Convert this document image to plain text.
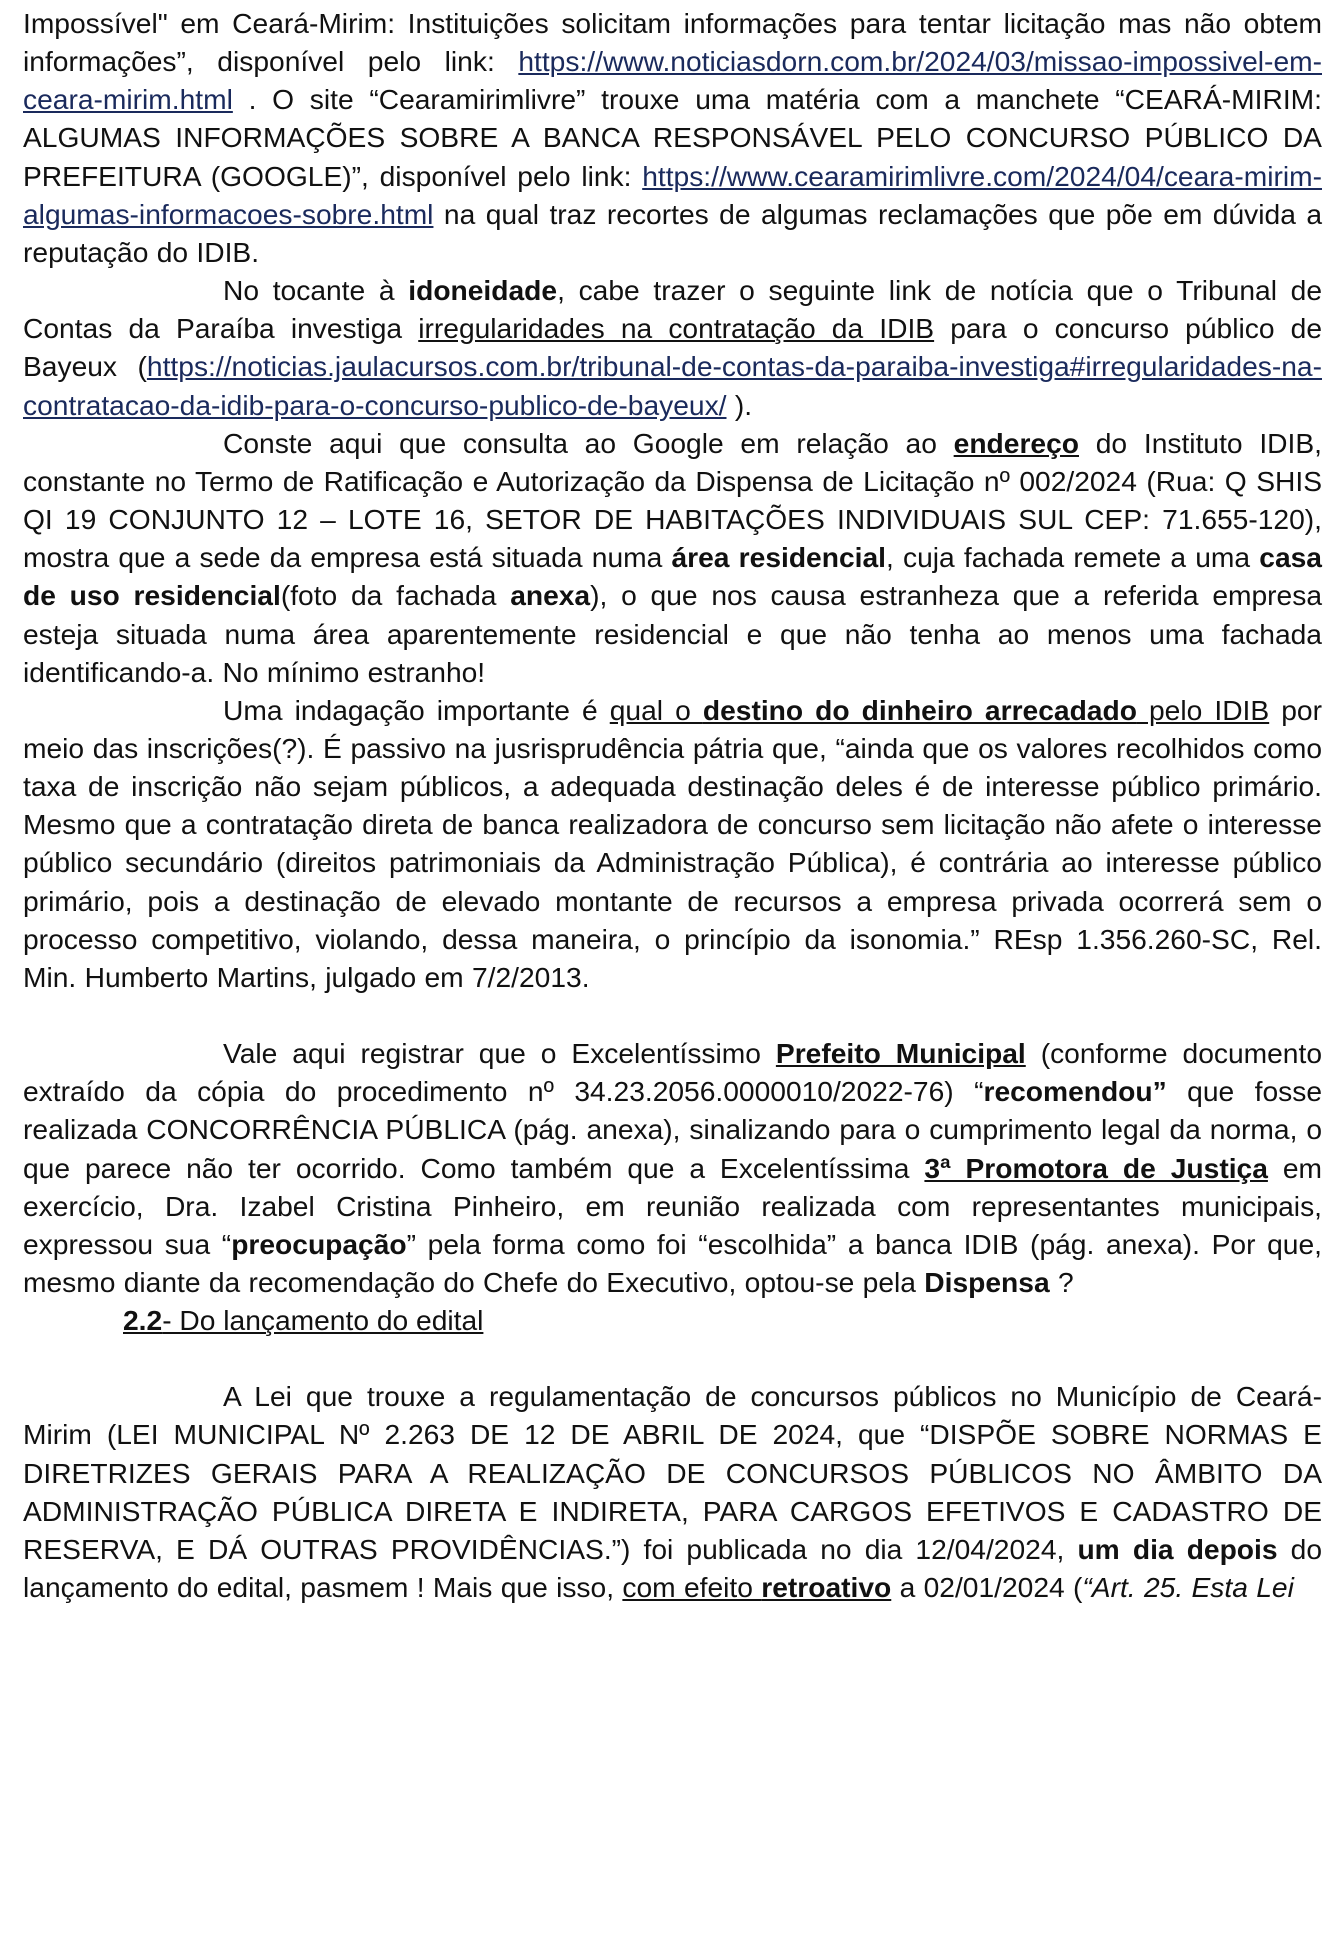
Impossível" em Ceará-Mirim: Instituições solicitam informações para tentar licitação mas não obtem informações”, disponível pelo link: https://www.noticiasdorn.com.br/2024/03/missao-impossivel-em-ceara-mirim.html . O site “Cearamirimlivre” trouxe uma matéria com a manchete “CEARÁ-MIRIM: ALGUMAS INFORMAÇÕES SOBRE A BANCA RESPONSÁVEL PELO CONCURSO PÚBLICO DA PREFEITURA (GOOGLE)”, disponível pelo link: https://www.cearamirimlivre.com/2024/04/ceara-mirim-algumas-informacoes-sobre.html na qual traz recortes de algumas reclamações que põe em dúvida a reputação do IDIB.

No tocante à idoneidade, cabe trazer o seguinte link de notícia que o Tribunal de Contas da Paraíba investiga irregularidades na contratação da IDIB para o concurso público de Bayeux (https://noticias.jaulacursos.com.br/tribunal-de-contas-da-paraiba-investiga#irregularidades-na-contratacao-da-idib-para-o-concurso-publico-de-bayeux/ ).

Conste aqui que consulta ao Google em relação ao endereço do Instituto IDIB, constante no Termo de Ratificação e Autorização da Dispensa de Licitação nº 002/2024 (Rua: Q SHIS QI 19 CONJUNTO 12 – LOTE 16, SETOR DE HABITAÇÕES INDIVIDUAIS SUL CEP: 71.655-120), mostra que a sede da empresa está situada numa área residencial, cuja fachada remete a uma casa de uso residencial(foto da fachada anexa), o que nos causa estranheza que a referida empresa esteja situada numa área aparentemente residencial e que não tenha ao menos uma fachada identificando-a. No mínimo estranho!

Uma indagação importante é qual o destino do dinheiro arrecadado pelo IDIB por meio das inscrições(?). É passivo na jusrisprudência pátria que, “ainda que os valores recolhidos como taxa de inscrição não sejam públicos, a adequada destinação deles é de interesse público primário. Mesmo que a contratação direta de banca realizadora de concurso sem licitação não afete o interesse público secundário (direitos patrimoniais da Administração Pública), é contrária ao interesse público primário, pois a destinação de elevado montante de recursos a empresa privada ocorrerá sem o processo competitivo, violando, dessa maneira, o princípio da isonomia.” REsp 1.356.260-SC, Rel. Min. Humberto Martins, julgado em 7/2/2013.

Vale aqui registrar que o Excelentíssimo Prefeito Municipal (conforme documento extraído da cópia do procedimento nº 34.23.2056.0000010/2022-76) “recomendou” que fosse realizada CONCORRÊNCIA PÚBLICA (pág. anexa), sinalizando para o cumprimento legal da norma, o que parece não ter ocorrido. Como também que a Excelentíssima 3ª Promotora de Justiça em exercício, Dra. Izabel Cristina Pinheiro, em reunião realizada com representantes municipais, expressou sua “preocupação” pela forma como foi “escolhida” a banca IDIB (pág. anexa). Por que, mesmo diante da recomendação do Chefe do Executivo, optou-se pela Dispensa ?

2.2- Do lançamento do edital

A Lei que trouxe a regulamentação de concursos públicos no Município de Ceará-Mirim (LEI MUNICIPAL Nº 2.263 DE 12 DE ABRIL DE 2024, que “DISPÕE SOBRE NORMAS E DIRETRIZES GERAIS PARA A REALIZAÇÃO DE CONCURSOS PÚBLICOS NO ÂMBITO DA ADMINISTRAÇÃO PÚBLICA DIRETA E INDIRETA, PARA CARGOS EFETIVOS E CADASTRO DE RESERVA, E DÁ OUTRAS PROVIDÊNCIAS.”) foi publicada no dia 12/04/2024, um dia depois do lançamento do edital, pasmem ! Mais que isso, com efeito retroativo a 02/01/2024 (“Art. 25. Esta Lei
